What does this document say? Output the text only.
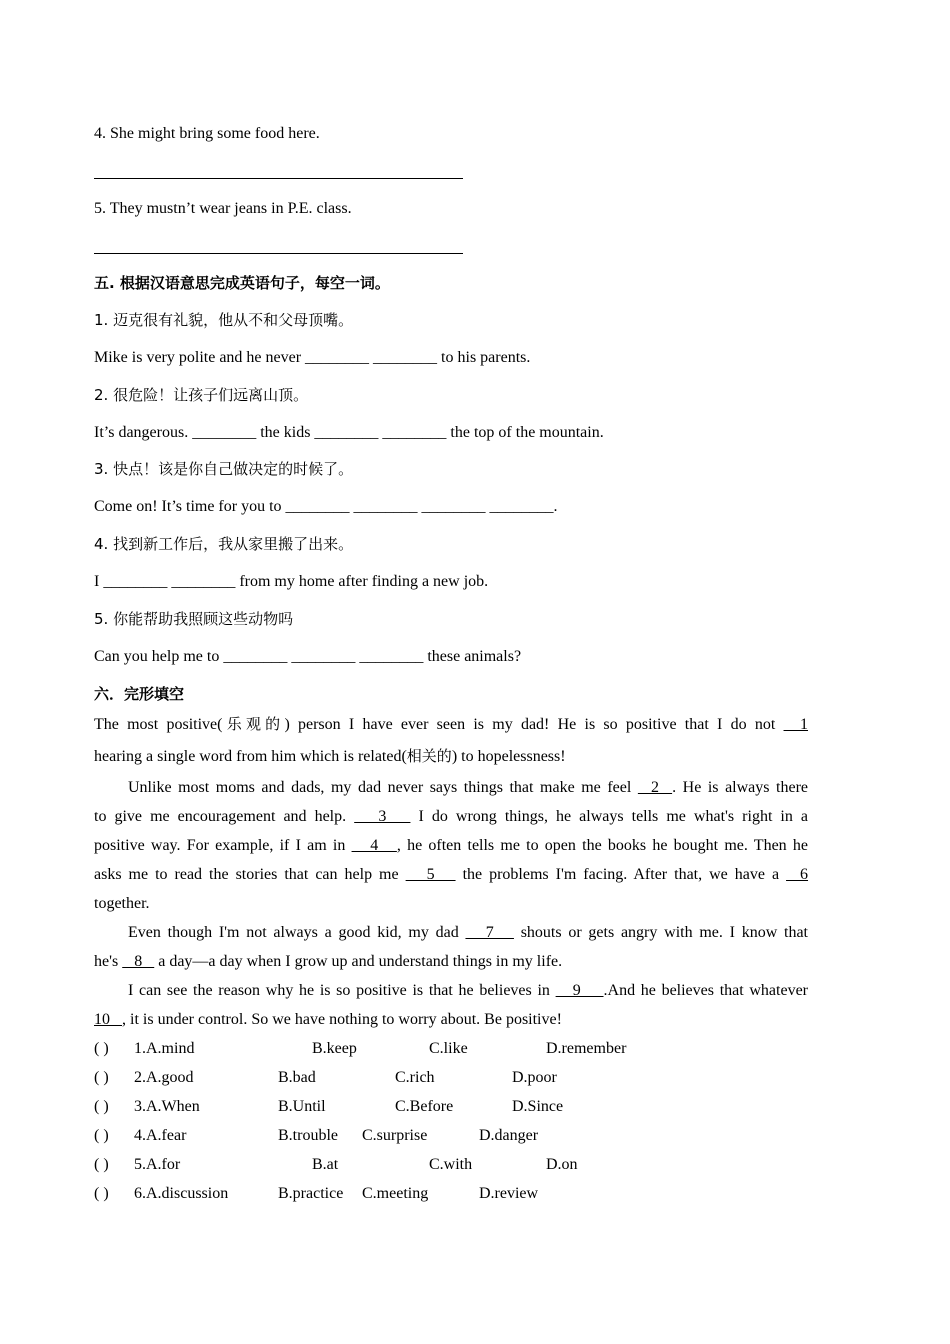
4. She might bring some food here.
5. They mustn’t wear jeans in P.E. class.
五. 根据汉语意思完成英语句子，每空一词。
1. 迈克很有礼貌，他从不和父母顶嘴。
Mike is very polite and he never ________ ________ to his parents.
2. 很危险！让孩子们远离山顶。
It’s dangerous. ________ the kids ________ ________ the top of the mountain.
3. 快点！该是你自己做决定的时候了。
Come on! It’s time for you to ________ ________ ________ ________.
4. 找到新工作后，我从家里搬了出来。
I ________ ________ from my home after finding a new job.
5. 你能帮助我照顾这些动物吗
Can you help me to ________ ________ ________ these animals?
六．完形填空
The most positive(乐观的) person I have ever seen is my dad! He is so positive that I do not   1
hearing a single word from him which is related(相关的) to hopelessness!
Unlike most moms and dads, my dad never says things that make me feel   2  . He is always there
to give me encouragement and help.    3    I do wrong things, he always tells me what's right in a
positive way. For example, if I am in    4   , he often tells me to open the books he bought me. Then he
asks me to read the stories that can help me    5    the problems I'm facing. After that, we have a   6
together.
Even though I'm not always a good kid, my dad    7    shouts or gets angry with me. I know that
he's    8    a day—a day when I grow up and understand things in my life.
I can see the reason why he is so positive is that he believes in    9    .And he believes that whatever
10   , it is under control. So we have nothing to worry about. Be positive!
( ) 1.A.mind	B.keep	C.like	D.remember
( ) 2.A.good	B.bad	C.rich	D.poor
( ) 3.A.When	B.Until	C.Before	D.Since
( ) 4.A.fear	B.trouble C.surprise	D.danger
( ) 5.A.for	B.at	C.with	D.on
( ) 6.A.discussion	B.practice C.meeting	D.review
